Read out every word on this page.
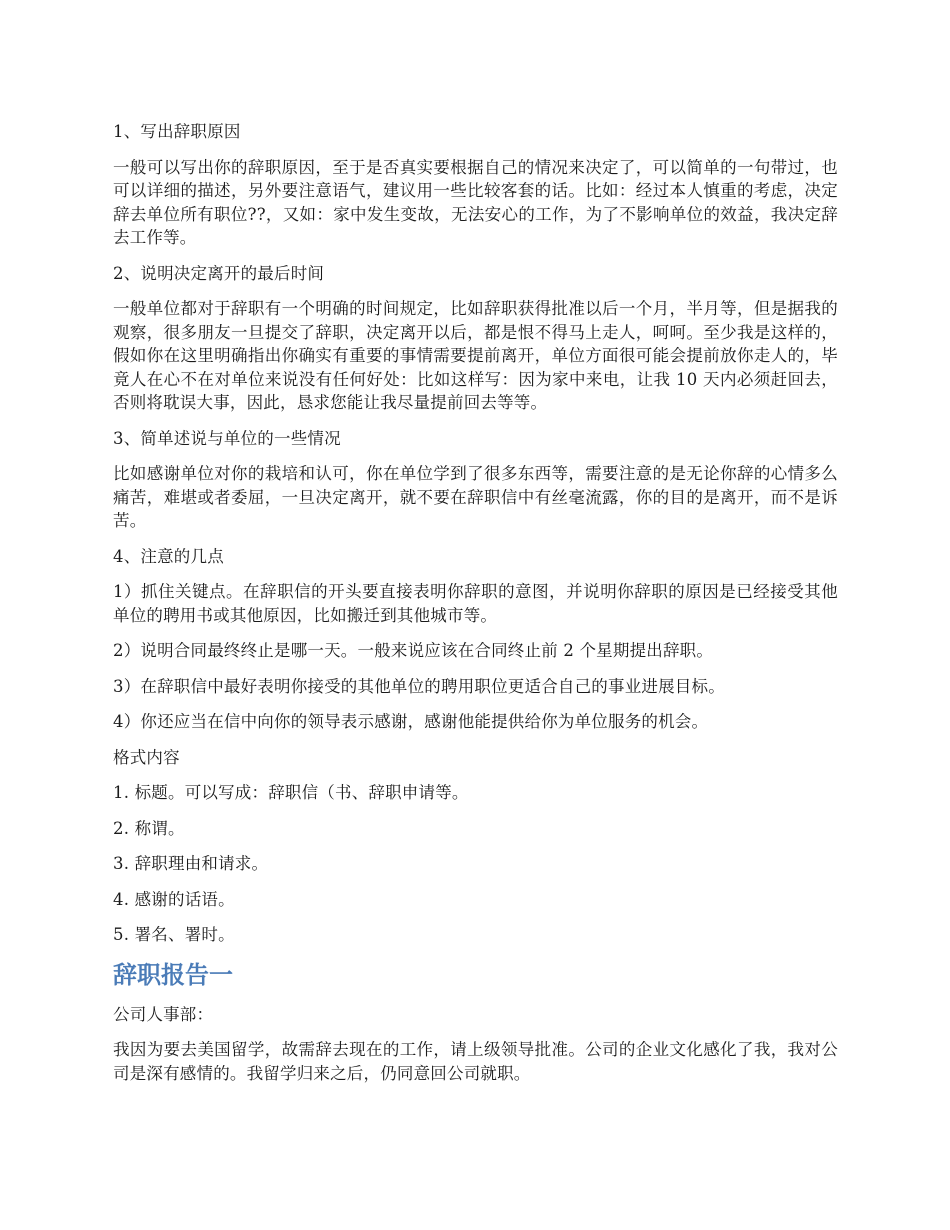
1、写出辞职原因
一般可以写出你的辞职原因，至于是否真实要根据自己的情况来决定了，可以简单的一句带过，也可以详细的描述，另外要注意语气，建议用一些比较客套的话。比如：经过本人慎重的考虑，决定辞去单位所有职位??，又如：家中发生变故，无法安心的工作，为了不影响单位的效益，我决定辞去工作等。
2、说明决定离开的最后时间
一般单位都对于辞职有一个明确的时间规定，比如辞职获得批准以后一个月，半月等，但是据我的观察，很多朋友一旦提交了辞职，决定离开以后，都是恨不得马上走人，呵呵。至少我是这样的，假如你在这里明确指出你确实有重要的事情需要提前离开，单位方面很可能会提前放你走人的，毕竟人在心不在对单位来说没有任何好处：比如这样写：因为家中来电，让我 10 天内必须赶回去，否则将耽误大事，因此，恳求您能让我尽量提前回去等等。
3、简单述说与单位的一些情况
比如感谢单位对你的栽培和认可，你在单位学到了很多东西等，需要注意的是无论你辞的心情多么痛苦，难堪或者委屈，一旦决定离开，就不要在辞职信中有丝毫流露，你的目的是离开，而不是诉苦。
4、注意的几点
1）抓住关键点。在辞职信的开头要直接表明你辞职的意图，并说明你辞职的原因是已经接受其他单位的聘用书或其他原因，比如搬迁到其他城市等。
2）说明合同最终终止是哪一天。一般来说应该在合同终止前 2 个星期提出辞职。
3）在辞职信中最好表明你接受的其他单位的聘用职位更适合自己的事业进展目标。
4）你还应当在信中向你的领导表示感谢，感谢他能提供给你为单位服务的机会。
格式内容
1. 标题。可以写成：辞职信（书、辞职申请等。
2. 称谓。
3. 辞职理由和请求。
4. 感谢的话语。
5. 署名、署时。
辞职报告一
公司人事部：
我因为要去美国留学，故需辞去现在的工作，请上级领导批准。公司的企业文化感化了我，我对公司是深有感情的。我留学归来之后，仍同意回公司就职。
